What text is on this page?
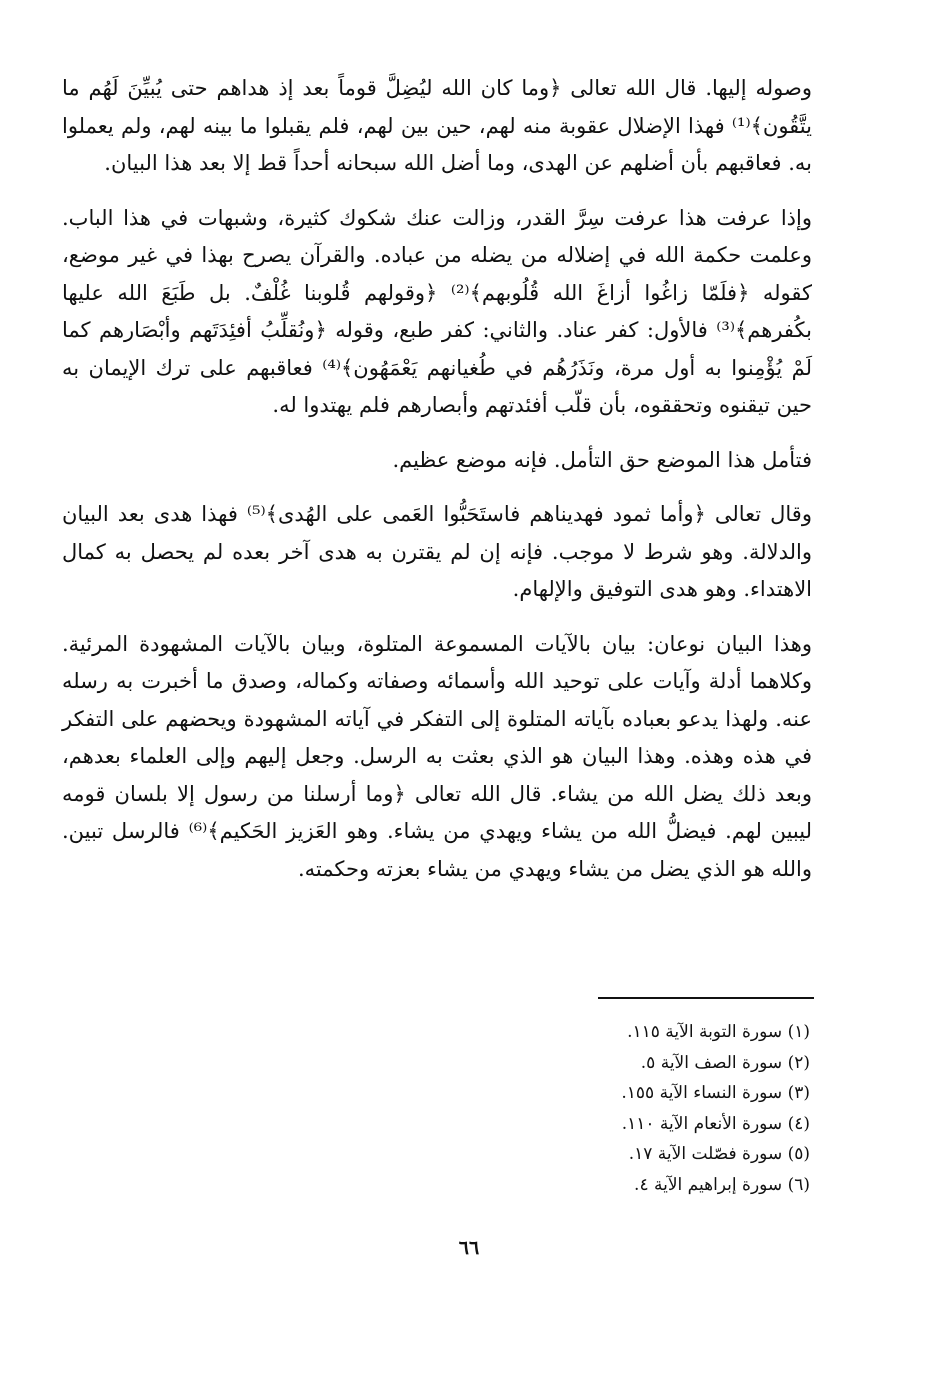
وصوله إليها. قال الله تعالى ﴿وما كان الله ليُضِلَّ قوماً بعد إذ هداهم حتى يُبيِّنَ لَهُم ما يتَّقُون﴾⁽¹⁾ فهذا الإضلال عقوبة منه لهم، حين بين لهم، فلم يقبلوا ما بينه لهم، ولم يعملوا به. فعاقبهم بأن أضلهم عن الهدى، وما أضل الله سبحانه أحداً قط إلا بعد هذا البيان.

وإذا عرفت هذا عرفت سِرَّ القدر، وزالت عنك شكوك كثيرة، وشبهات في هذا الباب. وعلمت حكمة الله في إضلاله من يضله من عباده. والقرآن يصرح بهذا في غير موضع، كقوله ﴿فلَمّا زاغُوا أزاغَ الله قُلُوبهم﴾⁽²⁾ ﴿وقولهم قُلوبنا غُلْفٌ. بل طَبَعَ الله عليها بكُفرهم﴾⁽³⁾ فالأول: كفر عناد. والثاني: كفر طبع، وقوله ﴿ونُقلِّبُ أفئِدَتَهم وأبْصَارهم كما لَمْ يُؤْمِنوا به أول مرة، ونَذَرُهُم في طُغيانهم يَعْمَهُون﴾⁽⁴⁾ فعاقبهم على ترك الإيمان به حين تيقنوه وتحققوه، بأن قلّب أفئدتهم وأبصارهم فلم يهتدوا له.

فتأمل هذا الموضع حق التأمل. فإنه موضع عظيم.

وقال تعالى ﴿وأما ثمود فهديناهم فاستَحَبُّوا العَمى على الهُدى﴾⁽⁵⁾ فهذا هدى بعد البيان والدلالة. وهو شرط لا موجب. فإنه إن لم يقترن به هدى آخر بعده لم يحصل به كمال الاهتداء. وهو هدى التوفيق والإلهام.

وهذا البيان نوعان: بيان بالآيات المسموعة المتلوة، وبيان بالآيات المشهودة المرئية. وكلاهما أدلة وآيات على توحيد الله وأسمائه وصفاته وكماله، وصدق ما أخبرت به رسله عنه. ولهذا يدعو بعباده بآياته المتلوة إلى التفكر في آياته المشهودة ويحضهم على التفكر في هذه وهذه. وهذا البيان هو الذي بعثت به الرسل. وجعل إليهم وإلى العلماء بعدهم، وبعد ذلك يضل الله من يشاء. قال الله تعالى ﴿وما أرسلنا من رسول إلا بلسان قومه ليبين لهم. فيضلُّ الله من يشاء ويهدي من يشاء. وهو العَزيز الحَكيم﴾⁽⁶⁾ فالرسل تبين. والله هو الذي يضل من يشاء ويهدي من يشاء بعزته وحكمته.

(١) سورة التوبة الآية ١١٥.
(٢) سورة الصف الآية ٥.
(٣) سورة النساء الآية ١٥٥.
(٤) سورة الأنعام الآية ١١٠.
(٥) سورة فصّلت الآية ١٧.
(٦) سورة إبراهيم الآية ٤.
٦٦
